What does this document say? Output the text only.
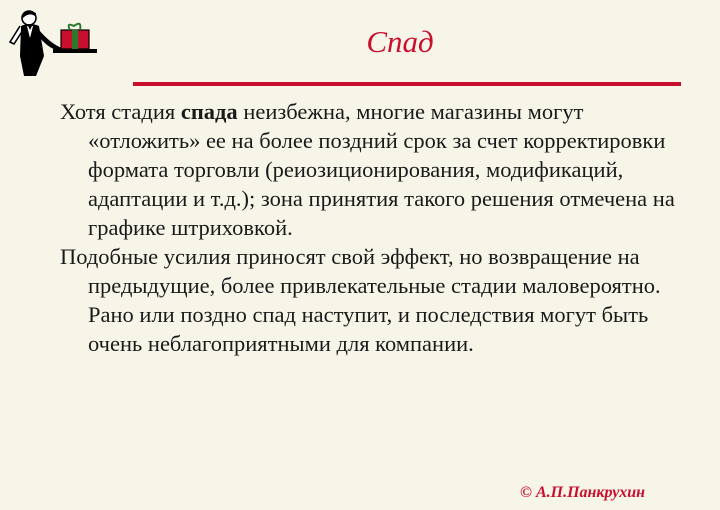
Спад

Хотя стадия спада неизбежна, многие магазины могут «отложить» ее на более поздний срок за счет корректировки формата торговли (реиозиционирования, модификаций, адаптации и т.д.); зона принятия такого решения отмечена на графике штриховкой.

Подобные усилия приносят свой эффект, но возвращение на предыдущие, более привлекательные стадии маловероятно. Рано или поздно спад наступит, и последствия могут быть очень неблагоприятными для компании.

© А.П.Панкрухин
